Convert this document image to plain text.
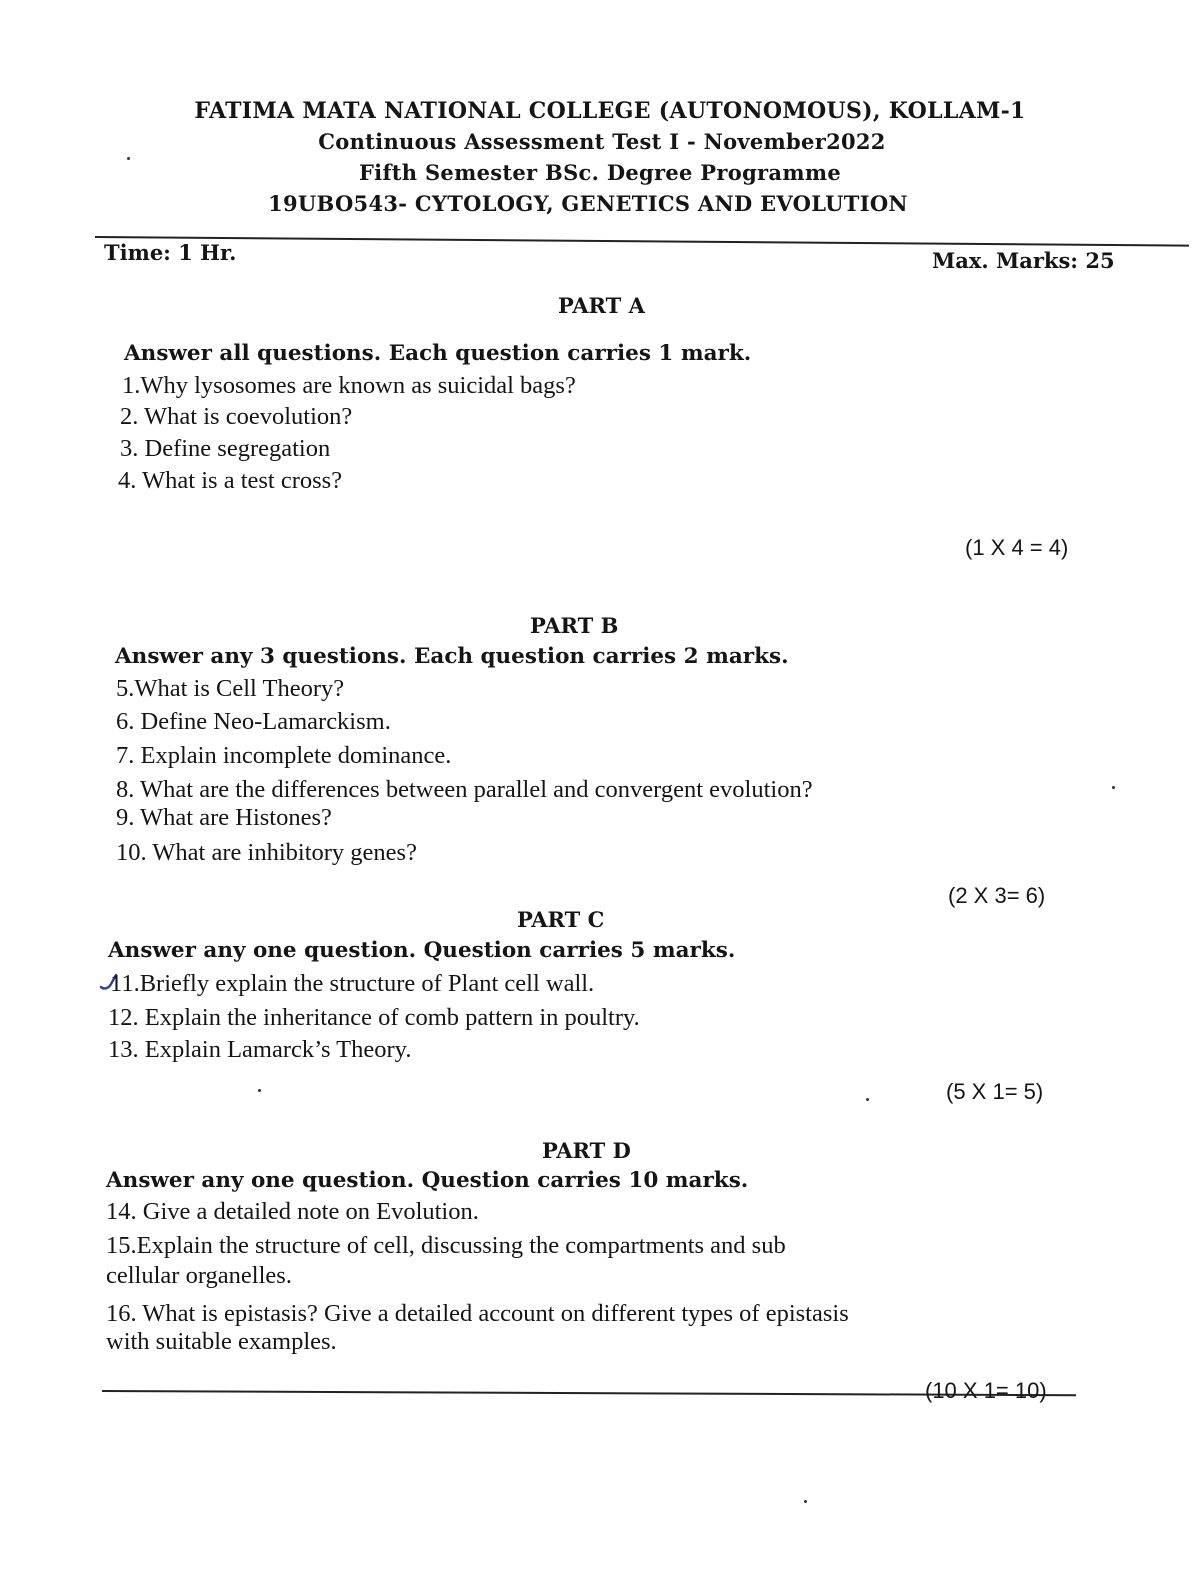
FATIMA MATA NATIONAL COLLEGE (AUTONOMOUS), KOLLAM-1
Continuous Assessment Test I - November2022
Fifth Semester BSc. Degree Programme
19UBO543- CYTOLOGY, GENETICS AND EVOLUTION
Time: 1 Hr.	Max. Marks: 25
PART A
Answer all questions. Each question carries 1 mark.
1.Why lysosomes are known as suicidal bags?
2. What is coevolution?
3. Define segregation
4. What is a test cross?
(1 X 4 = 4)
PART B
Answer any 3 questions. Each question carries 2 marks.
5.What is Cell Theory?
6. Define Neo-Lamarckism.
7. Explain incomplete dominance.
8. What are the differences between parallel and convergent evolution?
9. What are Histones?
10. What are inhibitory genes?
(2 X 3= 6)
PART C
Answer any one question. Question carries 5 marks.
11.Briefly explain the structure of Plant cell wall.
12. Explain the inheritance of comb pattern in poultry.
13. Explain Lamarck’s Theory.
(5 X 1= 5)
PART D
Answer any one question. Question carries 10 marks.
14. Give a detailed note on Evolution.
15.Explain the structure of cell, discussing the compartments and sub
cellular organelles.
16. What is epistasis? Give a detailed account on different types of epistasis
with suitable examples.
(10 X 1= 10)
